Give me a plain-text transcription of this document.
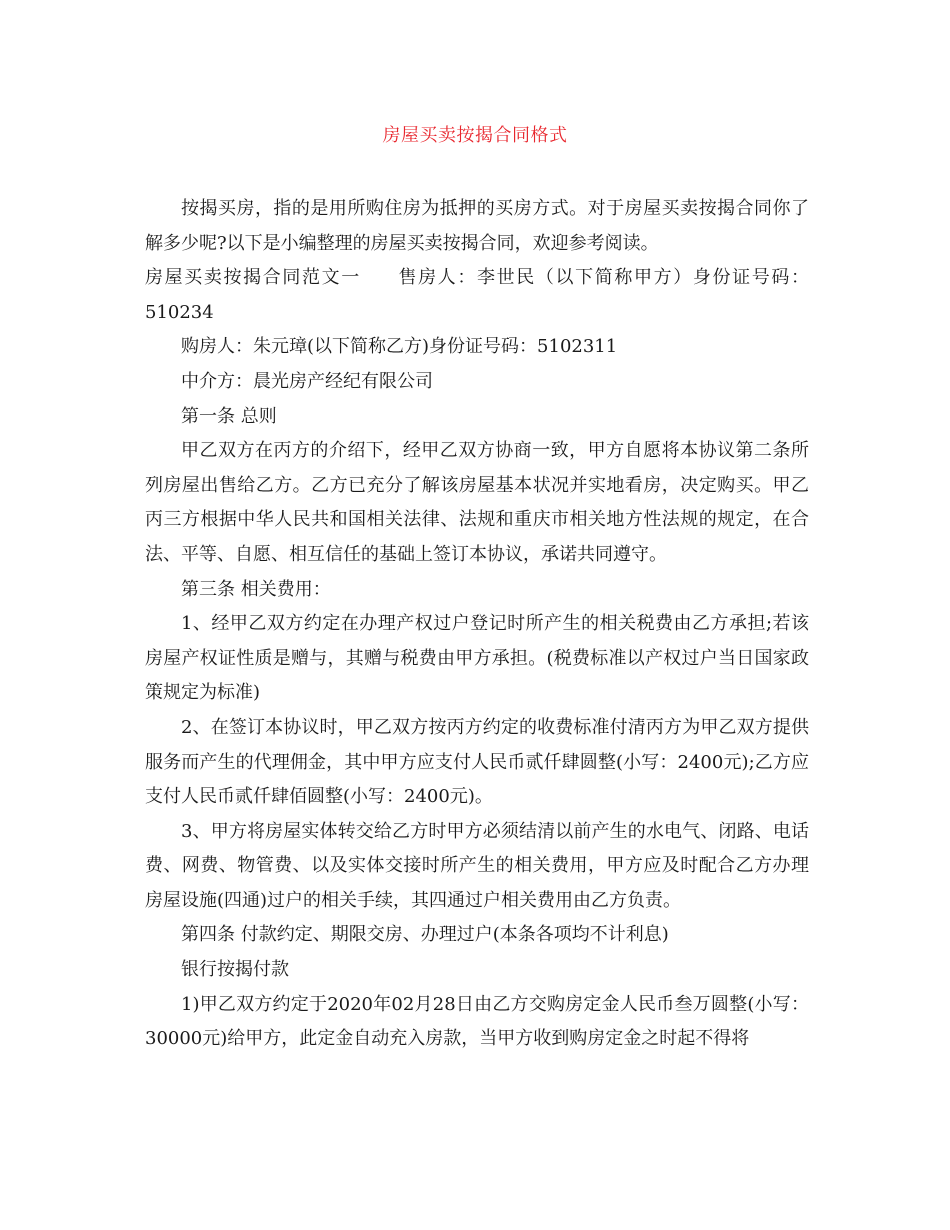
房屋买卖按揭合同格式

按揭买房，指的是用所购住房为抵押的买房方式。对于房屋买卖按揭合同你了解多少呢?以下是小编整理的房屋买卖按揭合同，欢迎参考阅读。

房屋买卖按揭合同范文一 售房人：李世民（以下简称甲方）身份证号码：510234

购房人：朱元璋(以下简称乙方)身份证号码：5102311

中介方：晨光房产经纪有限公司

第一条 总则

甲乙双方在丙方的介绍下，经甲乙双方协商一致，甲方自愿将本协议第二条所列房屋出售给乙方。乙方已充分了解该房屋基本状况并实地看房，决定购买。甲乙丙三方根据中华人民共和国相关法律、法规和重庆市相关地方性法规的规定，在合法、平等、自愿、相互信任的基础上签订本协议，承诺共同遵守。

第三条 相关费用：

1、经甲乙双方约定在办理产权过户登记时所产生的相关税费由乙方承担;若该房屋产权证性质是赠与，其赠与税费由甲方承担。(税费标准以产权过户当日国家政策规定为标准)

2、在签订本协议时，甲乙双方按丙方约定的收费标准付清丙方为甲乙双方提供服务而产生的代理佣金，其中甲方应支付人民币贰仟肆圆整(小写：2400元);乙方应支付人民币贰仟肆佰圆整(小写：2400元)。

3、甲方将房屋实体转交给乙方时甲方必须结清以前产生的水电气、闭路、电话费、网费、物管费、以及实体交接时所产生的相关费用，甲方应及时配合乙方办理房屋设施(四通)过户的相关手续，其四通过户相关费用由乙方负责。

第四条 付款约定、期限交房、办理过户(本条各项均不计利息)

银行按揭付款

1)甲乙双方约定于2020年02月28日由乙方交购房定金人民币叁万圆整(小写：30000元)给甲方，此定金自动充入房款，当甲方收到购房定金之时起不得将
